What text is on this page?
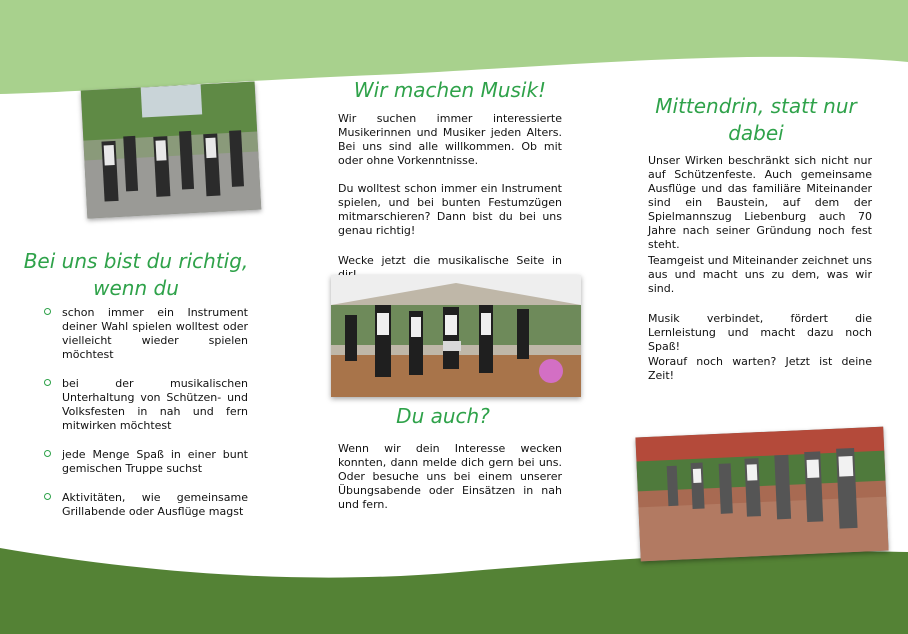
Bei uns bist du richtig, wenn du
schon immer ein Instrument deiner Wahl spielen wolltest oder vielleicht wieder spielen möchtest
bei der musikalischen Unterhaltung von Schützen- und Volksfesten in nah und fern mitwirken möchtest
jede Menge Spaß in einer bunt gemischen Truppe suchst
Aktivitäten, wie gemeinsame Grillabende oder Ausflüge magst
Wir machen Musik!

Wir suchen immer interessierte Musikerinnen und Musiker jeden Alters. Bei uns sind alle willkommen. Ob mit oder ohne Vorkenntnisse.

Du wolltest schon immer ein Instrument spielen, und bei bunten Festumzügen mitmarschieren? Dann bist du bei uns genau richtig!

Wecke jetzt die musikalische Seite in

Du auch?

Wenn wir dein Interesse wecken konnten, dann melde dich gern bei uns. Oder besuche uns bei einem unserer Übungsabende oder Einsätzen in nah und fern.

Mittendrin, statt nur dabei

Unser Wirken beschränkt sich nicht nur auf Schützenfeste. Auch gemeinsame Ausflüge und das familiäre Miteinander sind ein Baustein, auf dem der Spielmannszug Liebenburg auch 70 Jahre nach seiner Gründung noch fest steht.

Teamgeist und Miteinander zeichnet uns aus und macht uns zu dem, was wir sind.

Musik verbindet, fördert die Lernleistung und macht dazu noch Spaß!

Worauf noch warten? Jetzt ist deine Zeit!
